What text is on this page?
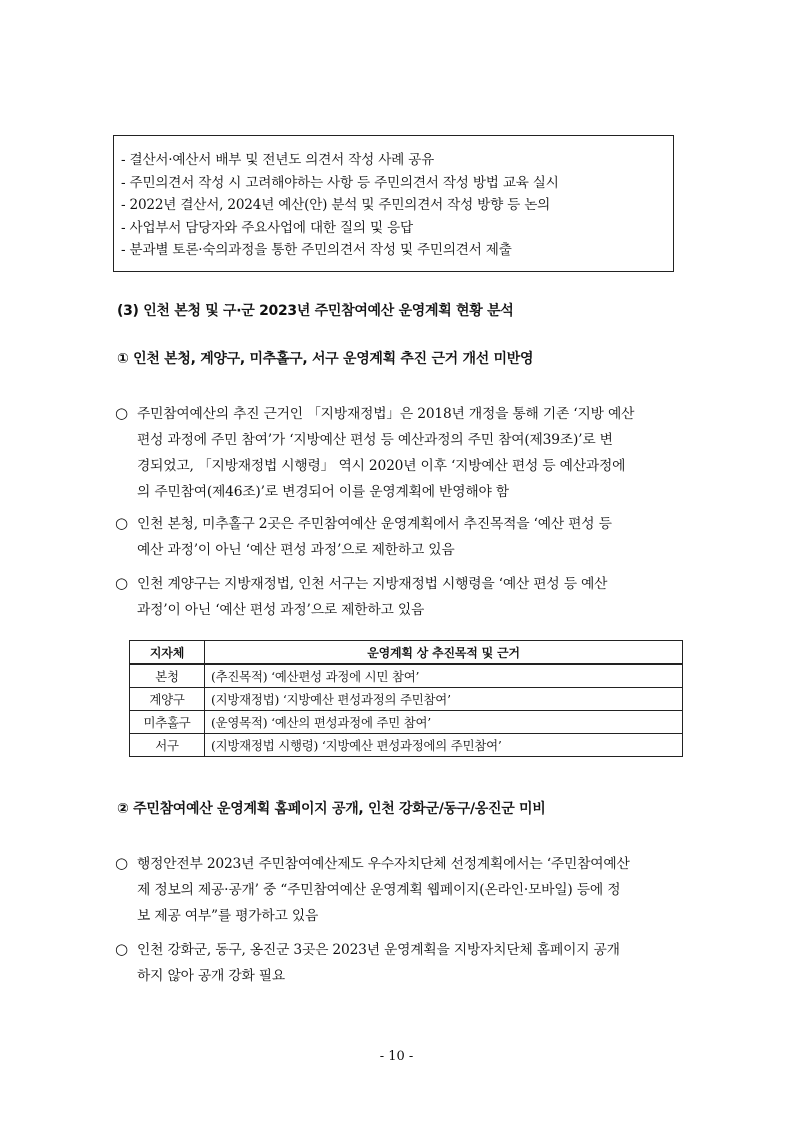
- 결산서·예산서 배부 및 전년도 의견서 작성 사례 공유
- 주민의견서 작성 시 고려해야하는 사항 등 주민의견서 작성 방법 교육 실시
- 2022년 결산서, 2024년 예산(안) 분석 및 주민의견서 작성 방향 등 논의
- 사업부서 담당자와 주요사업에 대한 질의 및 응답
- 분과별 토론·숙의과정을 통한 주민의견서 작성 및 주민의견서 제출
(3) 인천 본청 및 구·군 2023년 주민참여예산 운영계획 현황 분석
① 인천 본청, 계양구, 미추홀구, 서구 운영계획 추진 근거 개선 미반영
○ 주민참여예산의 추진 근거인 「지방재정법」은 2018년 개정을 통해 기존 ‘지방 예산
편성 과정에 주민 참여’가 ‘지방예산 편성 등 예산과정의 주민 참여(제39조)’로 변
경되었고, 「지방재정법 시행령」 역시 2020년 이후 ‘지방예산 편성 등 예산과정에
의 주민참여(제46조)’로 변경되어 이를 운영계획에 반영해야 함
○ 인천 본청, 미추홀구 2곳은 주민참여예산 운영계획에서 추진목적을 ‘예산 편성 등
예산 과정’이 아닌 ‘예산 편성 과정’으로 제한하고 있음
○ 인천 계양구는 지방재정법, 인천 서구는 지방재정법 시행령을 ‘예산 편성 등 예산
과정’이 아닌 ‘예산 편성 과정’으로 제한하고 있음
지자체	운영계획 상 추진목적 및 근거
본청	(추진목적) ‘예산편성 과정에 시민 참여’
계양구	(지방재정법) ‘지방예산 편성과정의 주민참여’
미추홀구	(운영목적) ‘예산의 편성과정에 주민 참여’
서구	(지방재정법 시행령) ‘지방예산 편성과정에의 주민참여’
② 주민참여예산 운영계획 홈페이지 공개, 인천 강화군/동구/옹진군 미비
○ 행정안전부 2023년 주민참여예산제도 우수자치단체 선정계획에서는 ‘주민참여예산
제 정보의 제공·공개’ 중 “주민참여예산 운영계획 웹페이지(온라인·모바일) 등에 정
보 제공 여부”를 평가하고 있음
○ 인천 강화군, 동구, 옹진군 3곳은 2023년 운영계획을 지방자치단체 홈페이지 공개
하지 않아 공개 강화 필요
- 10 -
